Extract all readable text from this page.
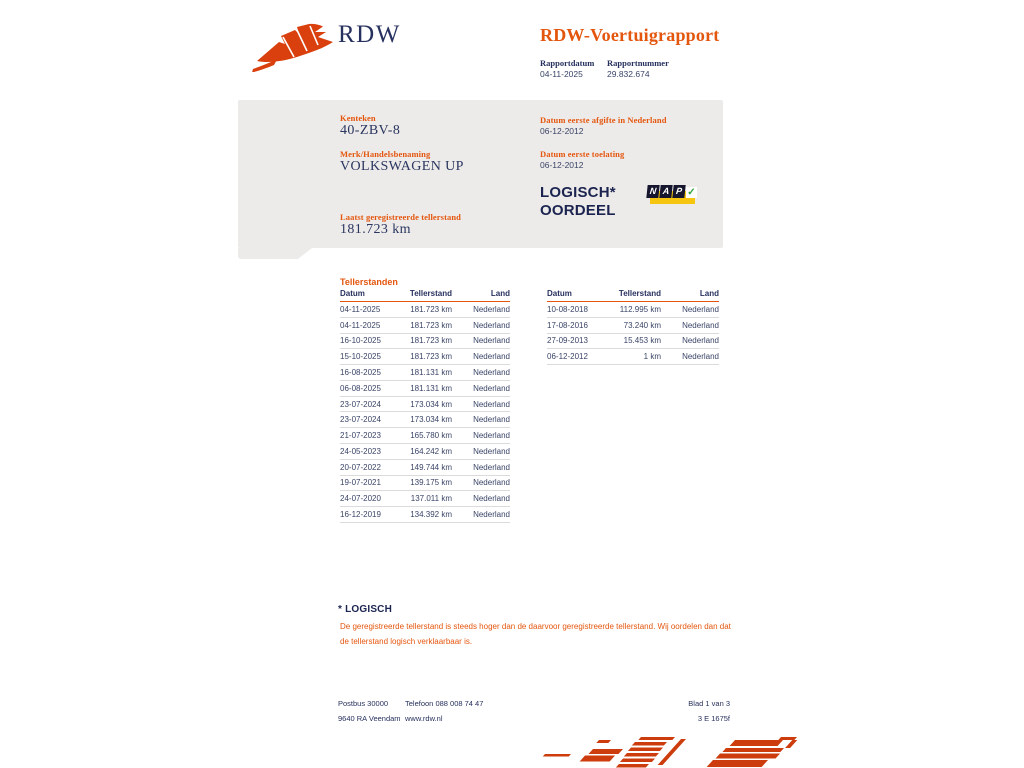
RDW	RDW-Voertuigrapport
Rapportdatum
04-11-2025
Rapportnummer
29.832.674
Kenteken
40-ZBV-8
Merk/Handelsbenaming
VOLKSWAGEN UP
Laatst geregistreerde tellerstand
181.723 km
Datum eerste afgifte in Nederland
06-12-2012
Datum eerste toelating
06-12-2012
LOGISCH*
OORDEEL
N A P ✓
Tellerstanden
Datum	Tellerstand	Land
04-11-2025	181.723 km	Nederland
04-11-2025	181.723 km	Nederland
16-10-2025	181.723 km	Nederland
15-10-2025	181.723 km	Nederland
16-08-2025	181.131 km	Nederland
06-08-2025	181.131 km	Nederland
23-07-2024	173.034 km	Nederland
23-07-2024	173.034 km	Nederland
21-07-2023	165.780 km	Nederland
24-05-2023	164.242 km	Nederland
20-07-2022	149.744 km	Nederland
19-07-2021	139.175 km	Nederland
24-07-2020	137.011 km	Nederland
16-12-2019	134.392 km	Nederland
Datum	Tellerstand	Land
10-08-2018	112.995 km	Nederland
17-08-2016	73.240 km	Nederland
27-09-2013	15.453 km	Nederland
06-12-2012	1 km	Nederland
* LOGISCH
De geregistreerde tellerstand is steeds hoger dan de daarvoor geregistreerde tellerstand. Wij oordelen dan dat de tellerstand logisch verklaarbaar is.
Postbus 30000
9640 RA Veendam
Telefoon 088 008 74 47
www.rdw.nl
Blad 1 van 3
3 E 1675f
